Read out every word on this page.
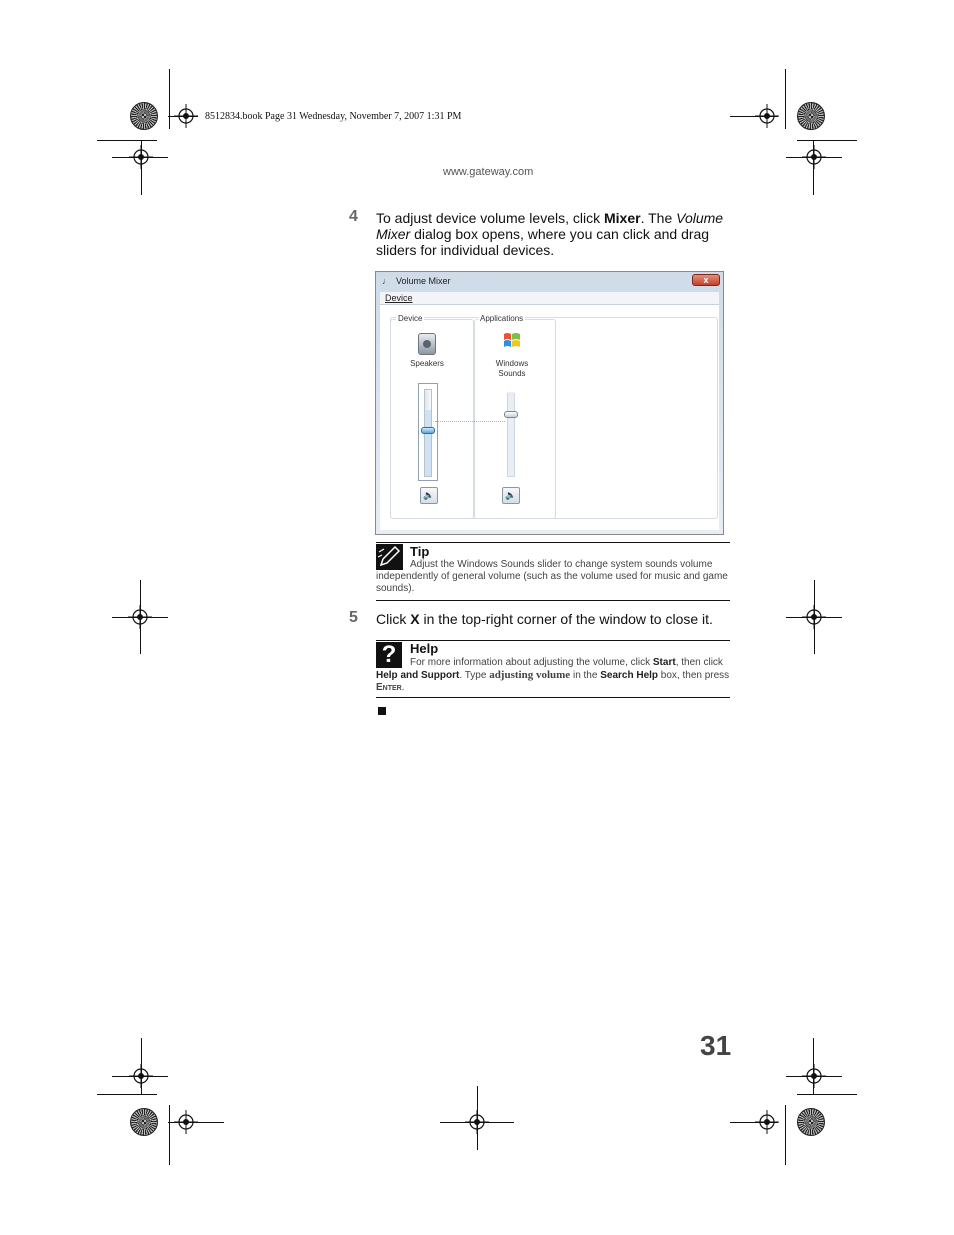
8512834.book Page 31 Wednesday, November 7, 2007 1:31 PM
www.gateway.com
4 To adjust device volume levels, click Mixer. The Volume Mixer dialog box opens, where you can click and drag sliders for individual devices.
♩ Volume Mixer	x
Device
Device	Applications
Speakers
🔈
Windows
Sounds
🔈
Tip
Adjust the Windows Sounds slider to change system sounds volume independently of general volume (such as the volume used for music and game sounds).
5 Click X in the top-right corner of the window to close it.
?	Help
For more information about adjusting the volume, click Start, then click Help and Support. Type adjusting volume in the Search Help box, then press Enter.
31
